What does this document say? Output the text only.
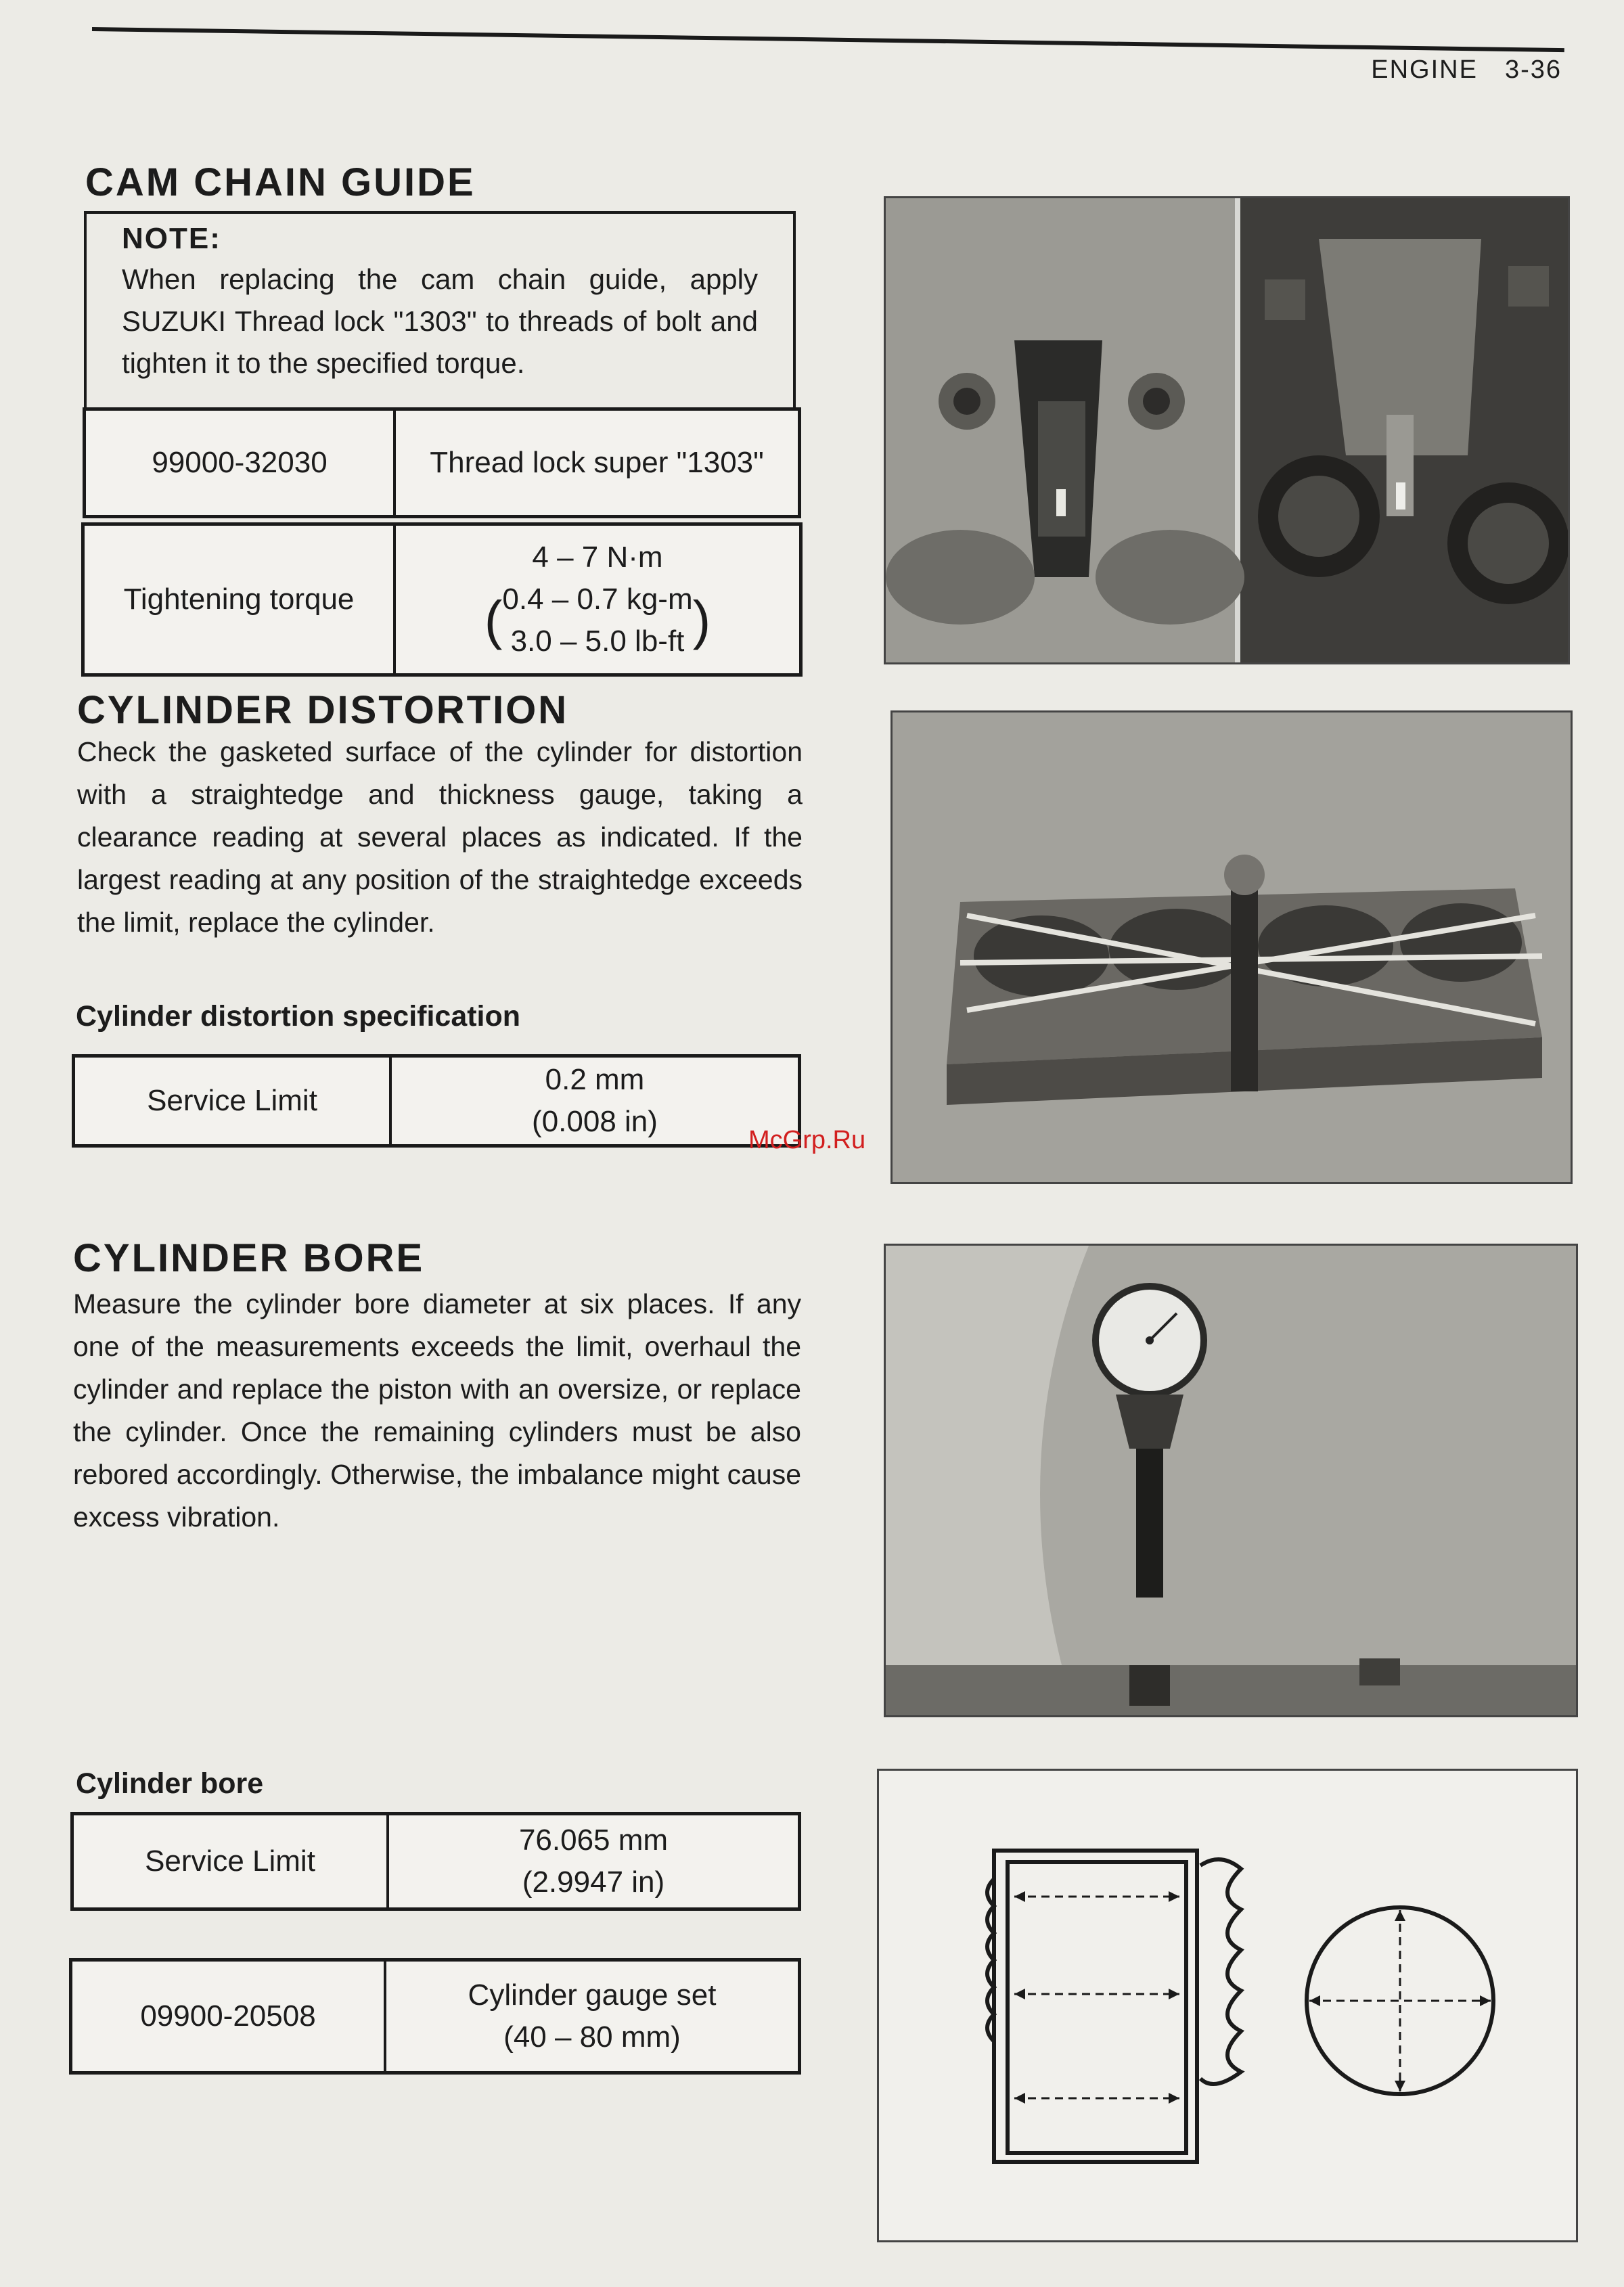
ENGINE 3-36
CAM CHAIN GUIDE
NOTE:
When replacing the cam chain guide, apply SUZUKI Thread lock "1303" to threads of bolt and tighten it to the specified torque.
99000-32030	Thread lock super "1303"
Tightening torque
4 – 7 N·m
( 0.4 – 0.7 kg-m
3.0 – 5.0 lb-ft )
CYLINDER DISTORTION
Check the gasketed surface of the cylinder for distortion with a straightedge and thickness gauge, taking a clearance reading at several places as indicated. If the largest reading at any position of the straightedge exceeds the limit, replace the cylinder.
Cylinder distortion specification
Service Limit
0.2 mm
(0.008 in)
McGrp.Ru
CYLINDER BORE
Measure the cylinder bore diameter at six places. If any one of the measurements exceeds the limit, overhaul the cylinder and replace the piston with an oversize, or replace the cylinder. Once the remaining cylinders must be also rebored accordingly. Otherwise, the imbalance might cause excess vibration.
Cylinder bore
Service Limit
76.065 mm
(2.9947 in)
09900-20508
Cylinder gauge set
(40 – 80 mm)
